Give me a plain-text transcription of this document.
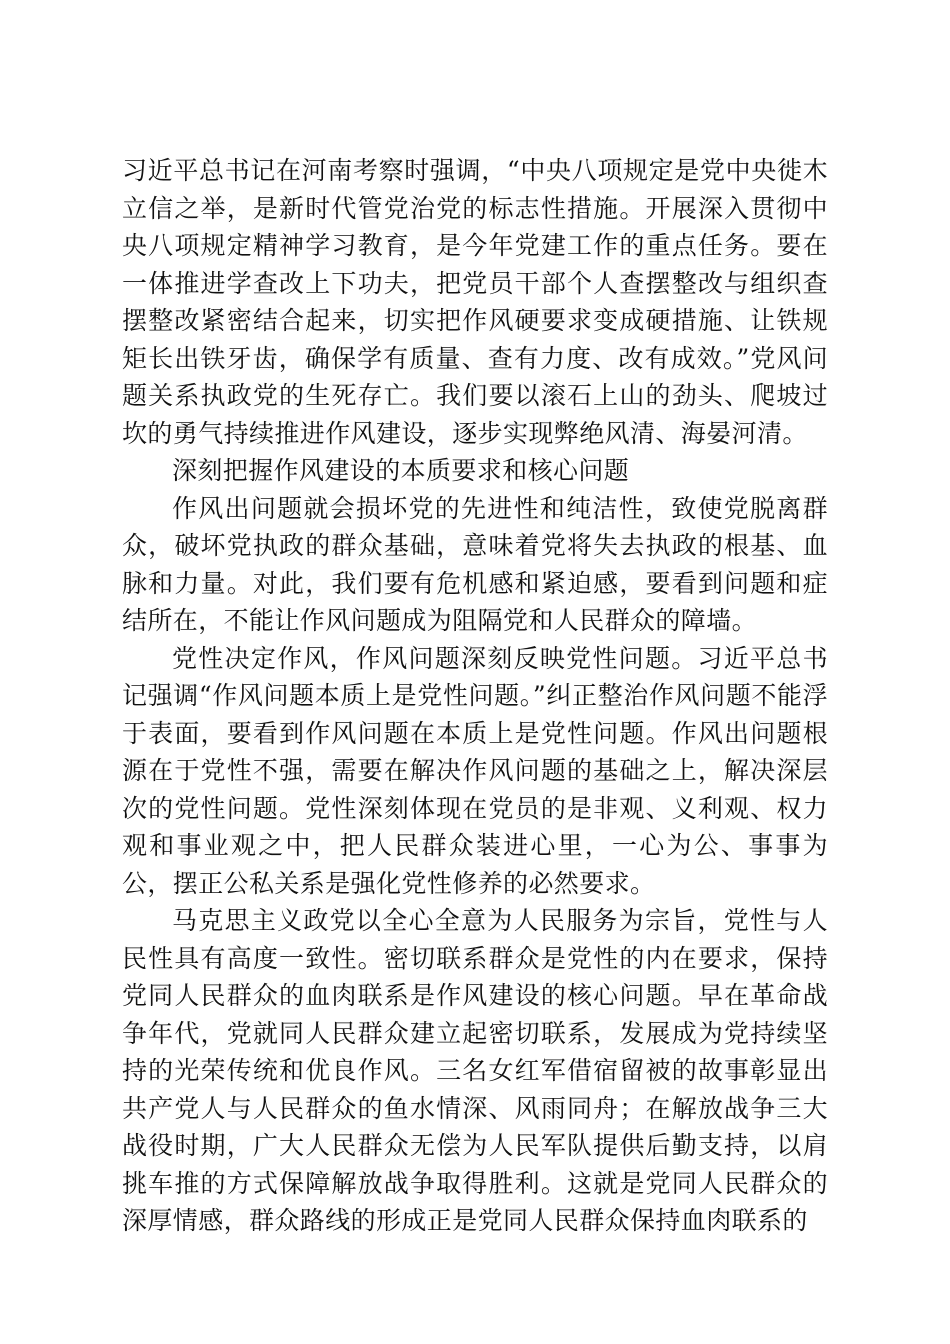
习近平总书记在河南考察时强调，“中央八项规定是党中央徙木立信之举，是新时代管党治党的标志性措施。开展深入贯彻中央八项规定精神学习教育，是今年党建工作的重点任务。要在一体推进学查改上下功夫，把党员干部个人查摆整改与组织查摆整改紧密结合起来，切实把作风硬要求变成硬措施、让铁规矩长出铁牙齿，确保学有质量、查有力度、改有成效。”党风问题关系执政党的生死存亡。我们要以滚石上山的劲头、爬坡过坎的勇气持续推进作风建设，逐步实现弊绝风清、海晏河清。

深刻把握作风建设的本质要求和核心问题

作风出问题就会损坏党的先进性和纯洁性，致使党脱离群众，破坏党执政的群众基础，意味着党将失去执政的根基、血脉和力量。对此，我们要有危机感和紧迫感，要看到问题和症结所在，不能让作风问题成为阻隔党和人民群众的障墙。

党性决定作风，作风问题深刻反映党性问题。习近平总书记强调“作风问题本质上是党性问题。”纠正整治作风问题不能浮于表面，要看到作风问题在本质上是党性问题。作风出问题根源在于党性不强，需要在解决作风问题的基础之上，解决深层次的党性问题。党性深刻体现在党员的是非观、义利观、权力观和事业观之中，把人民群众装进心里，一心为公、事事为公，摆正公私关系是强化党性修养的必然要求。

马克思主义政党以全心全意为人民服务为宗旨，党性与人民性具有高度一致性。密切联系群众是党性的内在要求，保持党同人民群众的血肉联系是作风建设的核心问题。早在革命战争年代，党就同人民群众建立起密切联系，发展成为党持续坚持的光荣传统和优良作风。三名女红军借宿留被的故事彰显出共产党人与人民群众的鱼水情深、风雨同舟；在解放战争三大战役时期，广大人民群众无偿为人民军队提供后勤支持，以肩挑车推的方式保障解放战争取得胜利。这就是党同人民群众的深厚情感，群众路线的形成正是党同人民群众保持血肉联系的
